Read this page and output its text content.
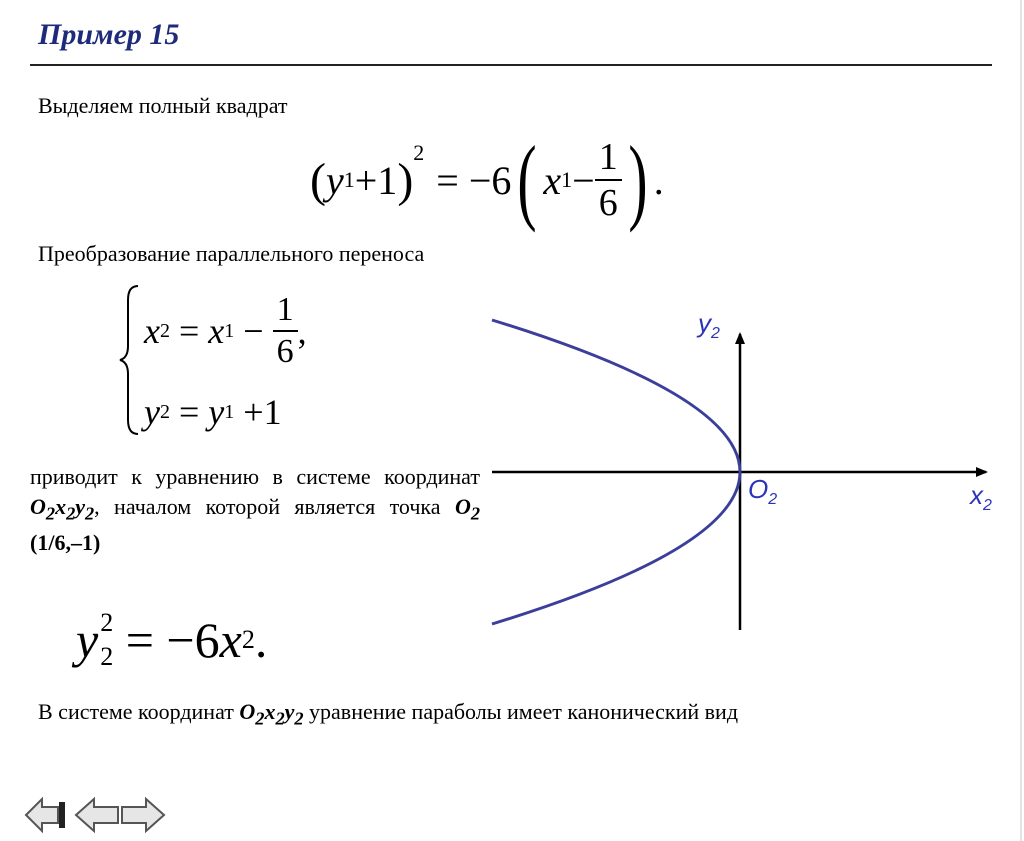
Пример 15
Выделяем полный квадрат
( y 1 +1 )
$^2$
= −6 ( x $1 - \frac{1}{6}$ ) .
Преобразование параллельного переноса
x 2 = x $1 - \frac{1}{6}$ ,
y 2 = y 1 +1
приводит к уравнению в системе координат $O_2x_2y_2$, началом которой является точка $O_2$ (1/6,–1)
y 2
2 = −6 x 2 .
В системе координат $O_2x_2y_2$ уравнение параболы имеет канонический вид
$y_2$
$x_2$
$O_2$
